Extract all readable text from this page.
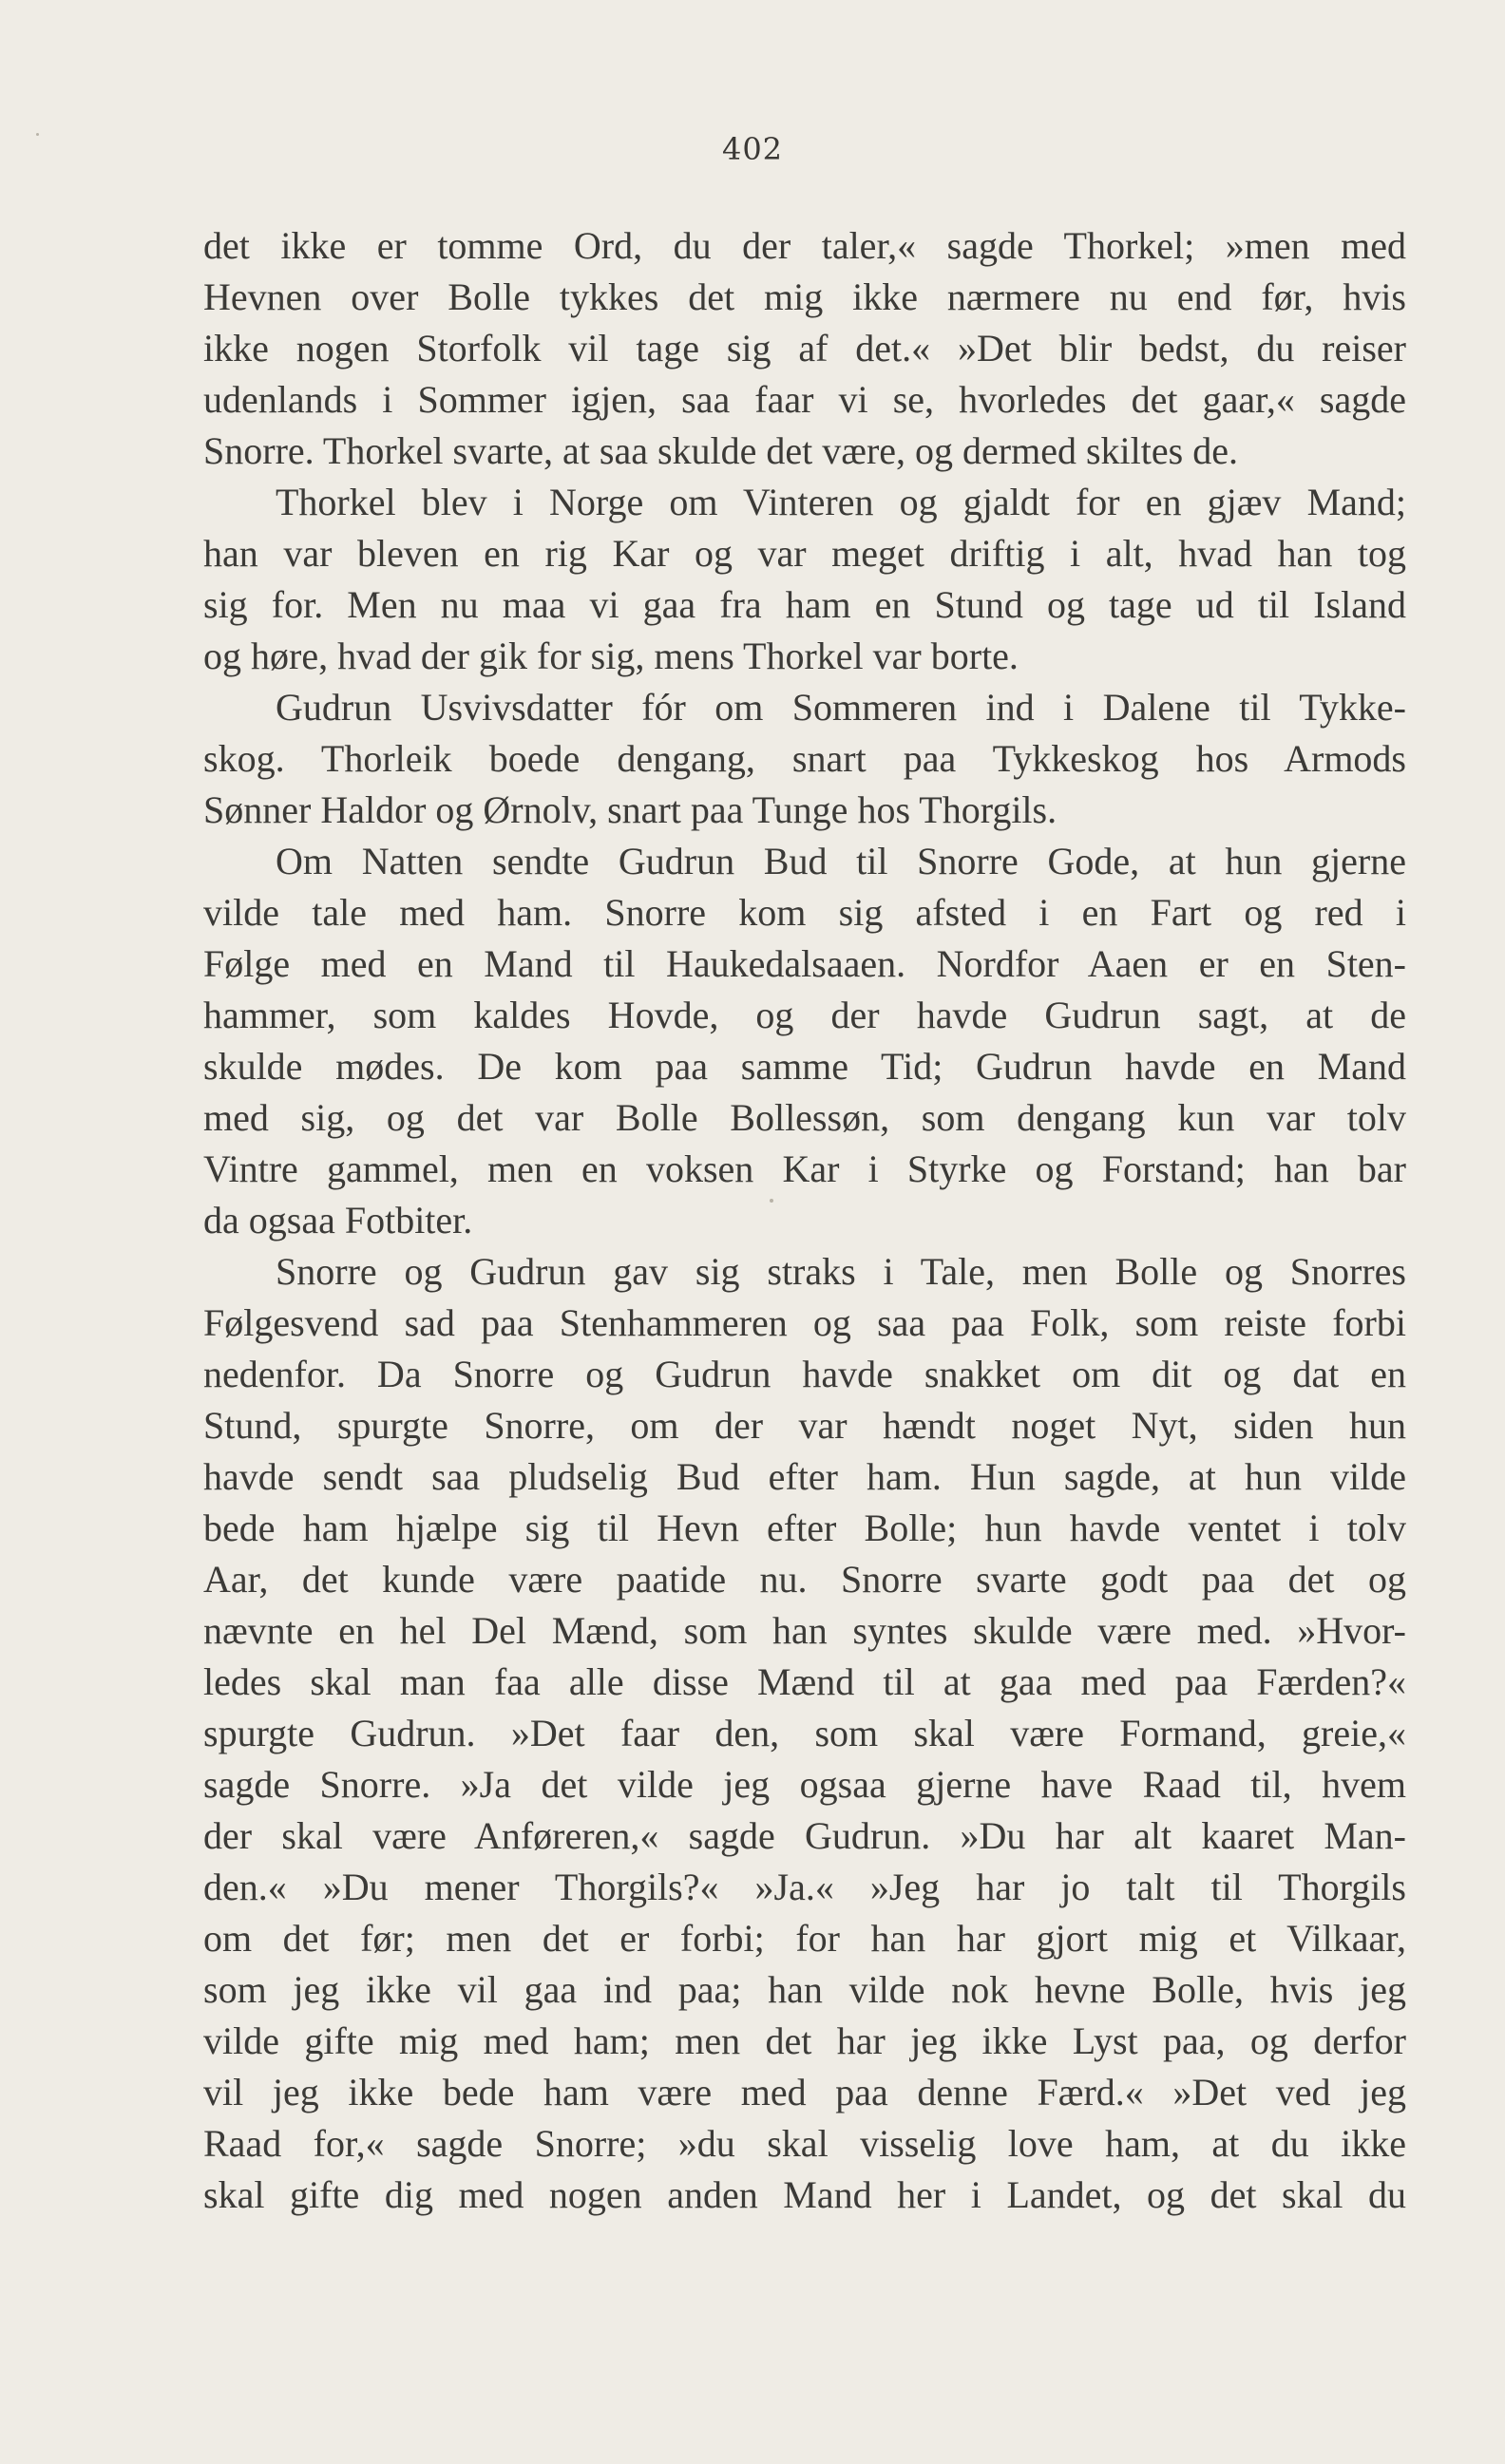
402
det ikke er tomme Ord, du der taler,« sagde Thorkel; »men med
Hevnen over Bolle tykkes det mig ikke nærmere nu end før, hvis
ikke nogen Storfolk vil tage sig af det.« »Det blir bedst, du reiser
udenlands i Sommer igjen, saa faar vi se, hvorledes det gaar,« sagde
Snorre. Thorkel svarte, at saa skulde det være, og dermed skiltes de.
Thorkel blev i Norge om Vinteren og gjaldt for en gjæv Mand;
han var bleven en rig Kar og var meget driftig i alt, hvad han tog
sig for. Men nu maa vi gaa fra ham en Stund og tage ud til Island
og høre, hvad der gik for sig, mens Thorkel var borte.
Gudrun Usvivsdatter fór om Sommeren ind i Dalene til Tykke-
skog. Thorleik boede dengang, snart paa Tykkeskog hos Armods
Sønner Haldor og Ørnolv, snart paa Tunge hos Thorgils.
Om Natten sendte Gudrun Bud til Snorre Gode, at hun gjerne
vilde tale med ham. Snorre kom sig afsted i en Fart og red i
Følge med en Mand til Haukedalsaaen. Nordfor Aaen er en Sten-
hammer, som kaldes Hovde, og der havde Gudrun sagt, at de
skulde mødes. De kom paa samme Tid; Gudrun havde en Mand
med sig, og det var Bolle Bollessøn, som dengang kun var tolv
Vintre gammel, men en voksen Kar i Styrke og Forstand; han bar
da ogsaa Fotbiter.
Snorre og Gudrun gav sig straks i Tale, men Bolle og Snorres
Følgesvend sad paa Stenhammeren og saa paa Folk, som reiste forbi
nedenfor. Da Snorre og Gudrun havde snakket om dit og dat en
Stund, spurgte Snorre, om der var hændt noget Nyt, siden hun
havde sendt saa pludselig Bud efter ham. Hun sagde, at hun vilde
bede ham hjælpe sig til Hevn efter Bolle; hun havde ventet i tolv
Aar, det kunde være paatide nu. Snorre svarte godt paa det og
nævnte en hel Del Mænd, som han syntes skulde være med. »Hvor-
ledes skal man faa alle disse Mænd til at gaa med paa Færden?«
spurgte Gudrun. »Det faar den, som skal være Formand, greie,«
sagde Snorre. »Ja det vilde jeg ogsaa gjerne have Raad til, hvem
der skal være Anføreren,« sagde Gudrun. »Du har alt kaaret Man-
den.« »Du mener Thorgils?« »Ja.« »Jeg har jo talt til Thorgils
om det før; men det er forbi; for han har gjort mig et Vilkaar,
som jeg ikke vil gaa ind paa; han vilde nok hevne Bolle, hvis jeg
vilde gifte mig med ham; men det har jeg ikke Lyst paa, og derfor
vil jeg ikke bede ham være med paa denne Færd.« »Det ved jeg
Raad for,« sagde Snorre; »du skal visselig love ham, at du ikke
skal gifte dig med nogen anden Mand her i Landet, og det skal du
